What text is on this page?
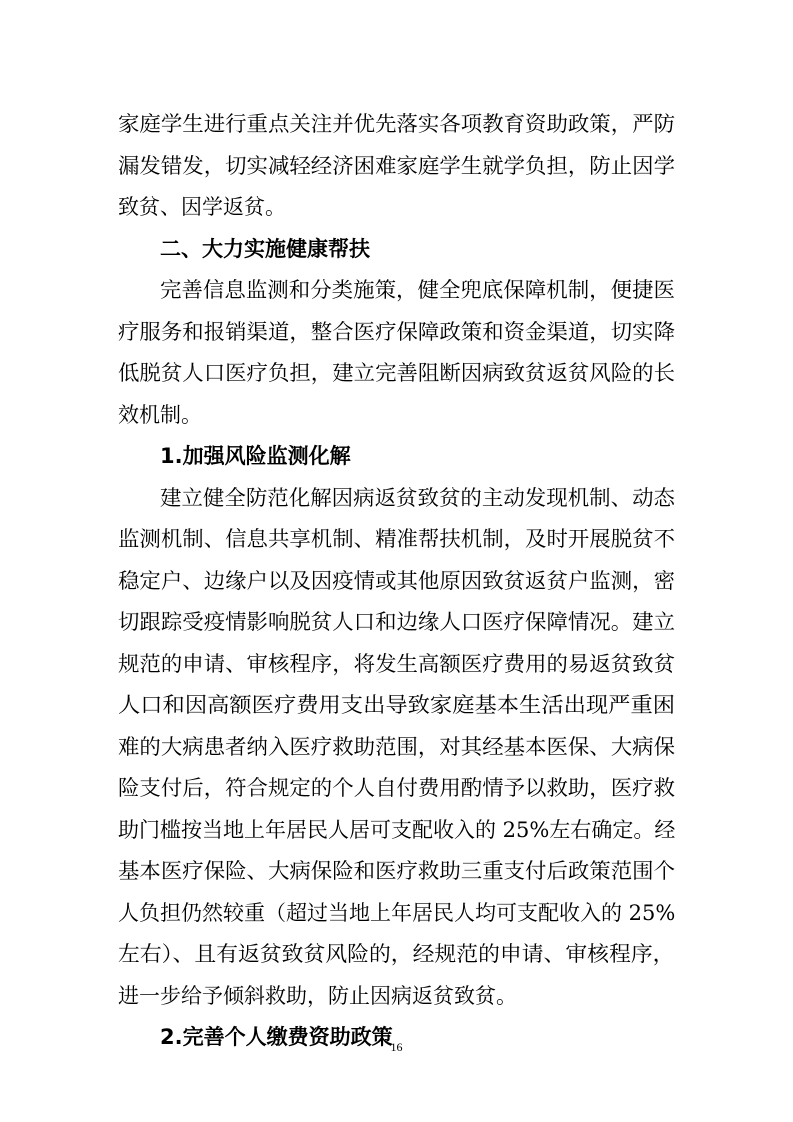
家庭学生进行重点关注并优先落实各项教育资助政策，严防
漏发错发，切实减轻经济困难家庭学生就学负担，防止因学
致贫、因学返贫。
二、大力实施健康帮扶
完善信息监测和分类施策，健全兜底保障机制，便捷医
疗服务和报销渠道，整合医疗保障政策和资金渠道，切实降
低脱贫人口医疗负担，建立完善阻断因病致贫返贫风险的长
效机制。
1.加强风险监测化解
建立健全防范化解因病返贫致贫的主动发现机制、动态
监测机制、信息共享机制、精准帮扶机制，及时开展脱贫不
稳定户、边缘户以及因疫情或其他原因致贫返贫户监测，密
切跟踪受疫情影响脱贫人口和边缘人口医疗保障情况。建立
规范的申请、审核程序，将发生高额医疗费用的易返贫致贫
人口和因高额医疗费用支出导致家庭基本生活出现严重困
难的大病患者纳入医疗救助范围，对其经基本医保、大病保
险支付后，符合规定的个人自付费用酌情予以救助，医疗救
助门槛按当地上年居民人居可支配收入的 25%左右确定。经
基本医疗保险、大病保险和医疗救助三重支付后政策范围个
人负担仍然较重（超过当地上年居民人均可支配收入的 25%
左右）、且有返贫致贫风险的，经规范的申请、审核程序，
进一步给予倾斜救助，防止因病返贫致贫。
2.完善个人缴费资助政策
16
